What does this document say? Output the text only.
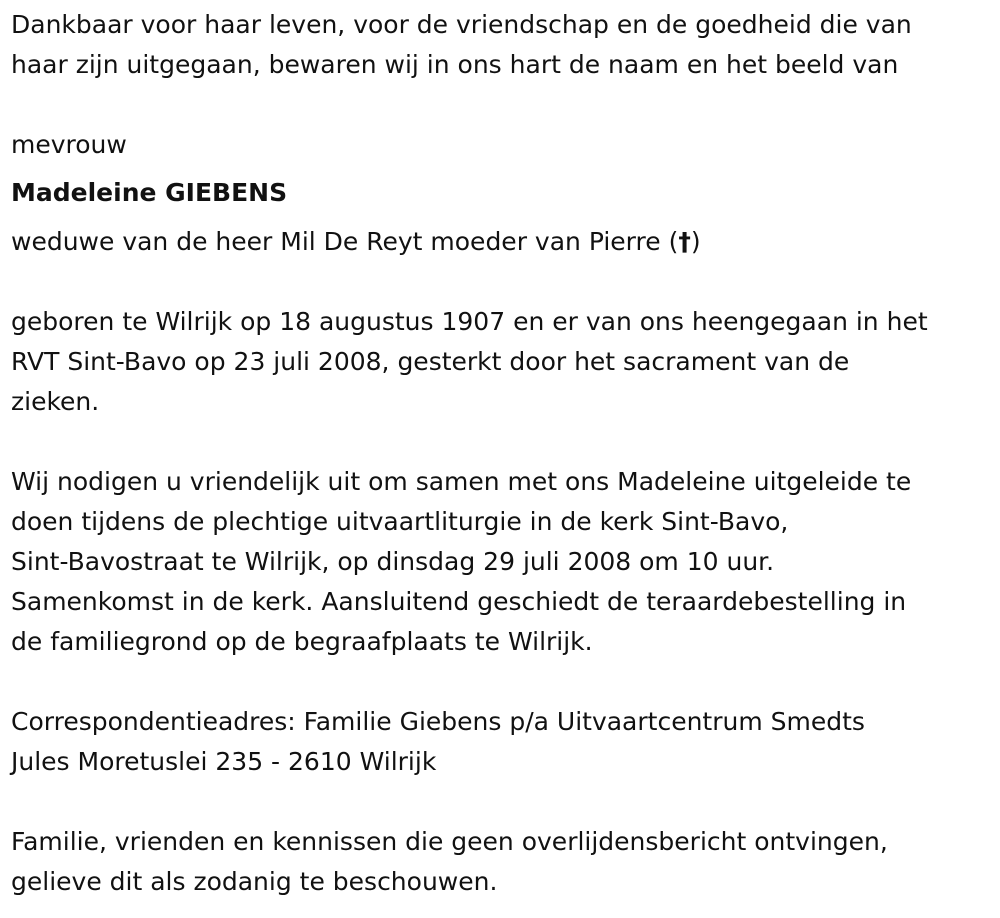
Dankbaar voor haar leven, voor de vriendschap en de goedheid die van
haar zijn uitgegaan, bewaren wij in ons hart de naam en het beeld van
mevrouw
Madeleine GIEBENS
weduwe van de heer Mil De Reyt moeder van Pierre (†)
geboren te Wilrijk op 18 augustus 1907 en er van ons heengegaan in het
RVT Sint-Bavo op 23 juli 2008, gesterkt door het sacrament van de
zieken.
Wij nodigen u vriendelijk uit om samen met ons Madeleine uitgeleide te
doen tijdens de plechtige uitvaartliturgie in de kerk Sint-Bavo,
Sint-Bavostraat te Wilrijk, op dinsdag 29 juli 2008 om 10 uur.
Samenkomst in de kerk. Aansluitend geschiedt de teraardebestelling in
de familiegrond op de begraafplaats te Wilrijk.
Correspondentieadres: Familie Giebens p/a Uitvaartcentrum Smedts
Jules Moretuslei 235 - 2610 Wilrijk
Familie, vrienden en kennissen die geen overlijdensbericht ontvingen,
gelieve dit als zodanig te beschouwen.
